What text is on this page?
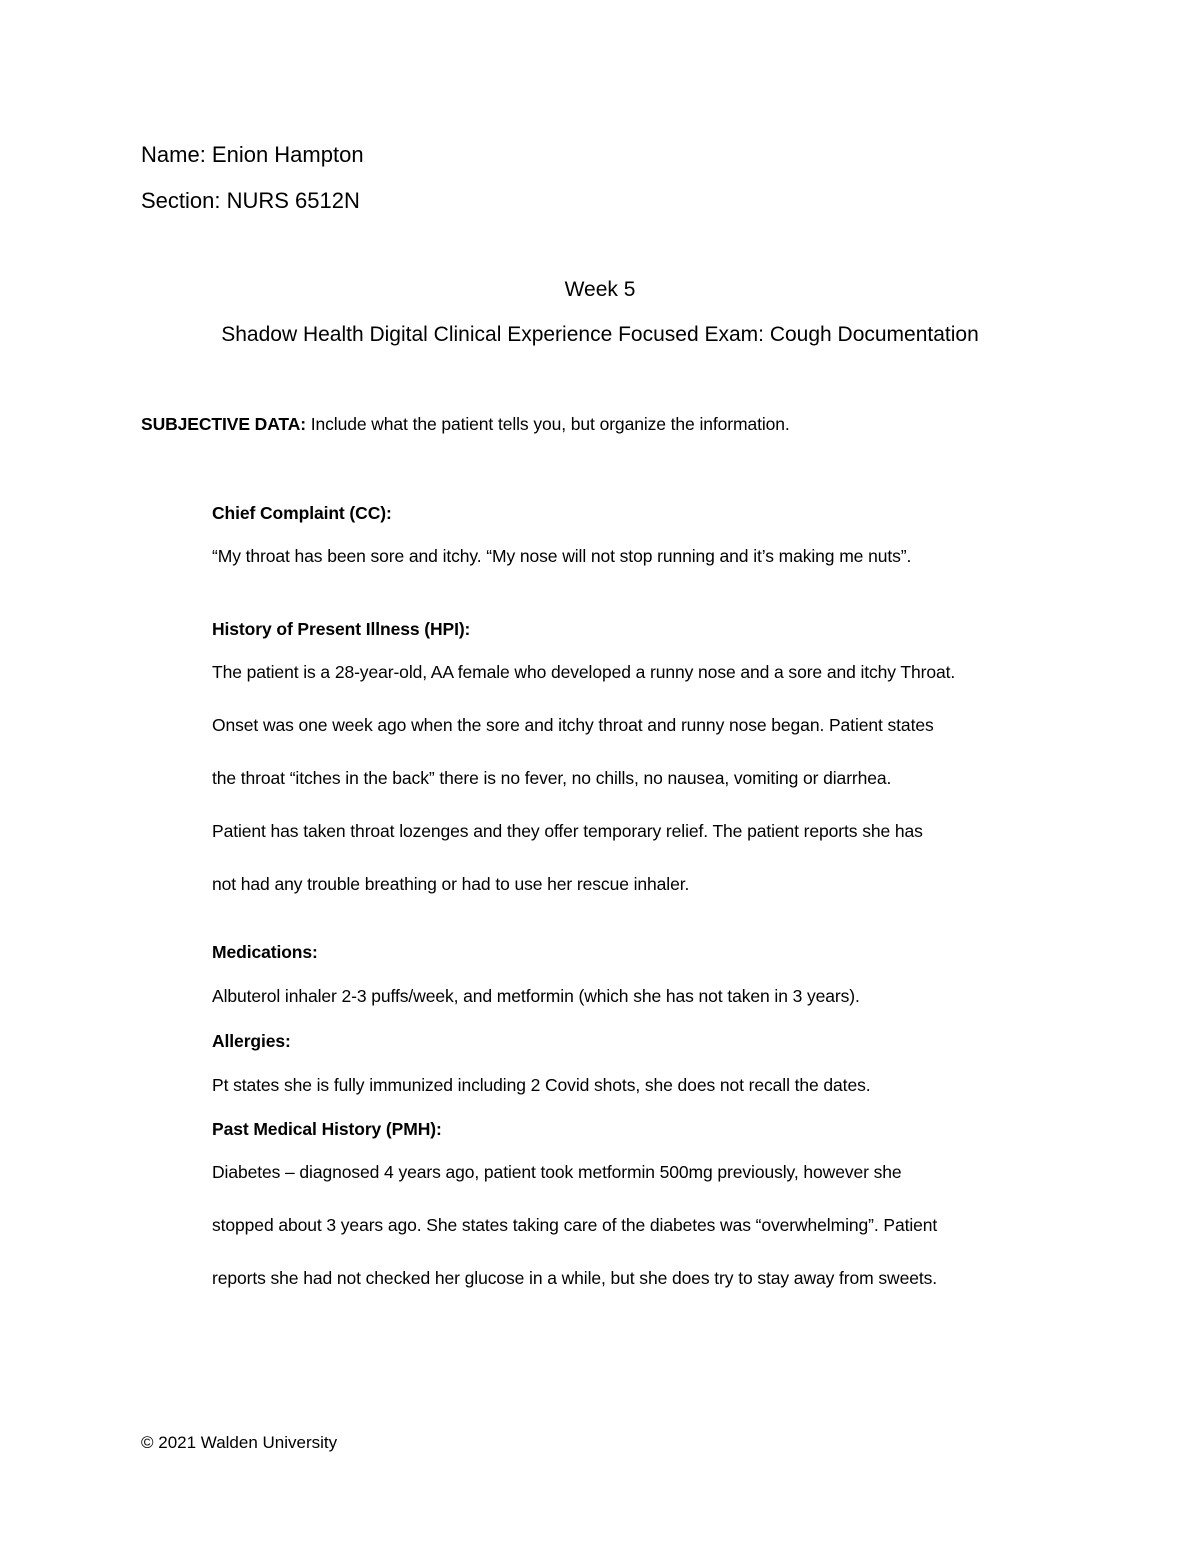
Name: Enion Hampton
Section: NURS 6512N
Week 5
Shadow Health Digital Clinical Experience Focused Exam: Cough Documentation
SUBJECTIVE DATA: Include what the patient tells you, but organize the information.
Chief Complaint (CC):
“My throat has been sore and itchy. “My nose will not stop running and it’s making me nuts”.
History of Present Illness (HPI):
The patient is a 28-year-old, AA female who developed a runny nose and a sore and itchy Throat.
Onset was one week ago when the sore and itchy throat and runny nose began. Patient states
the throat “itches in the back” there is no fever, no chills, no nausea, vomiting or diarrhea.
Patient has taken throat lozenges and they offer temporary relief. The patient reports she has
not had any trouble breathing or had to use her rescue inhaler.
Medications:
Albuterol inhaler 2-3 puffs/week, and metformin (which she has not taken in 3 years).
Allergies:
Pt states she is fully immunized including 2 Covid shots, she does not recall the dates.
Past Medical History (PMH):
Diabetes – diagnosed 4 years ago, patient took metformin 500mg previously, however she
stopped about 3 years ago. She states taking care of the diabetes was “overwhelming”. Patient
reports she had not checked her glucose in a while, but she does try to stay away from sweets.
© 2021 Walden University
